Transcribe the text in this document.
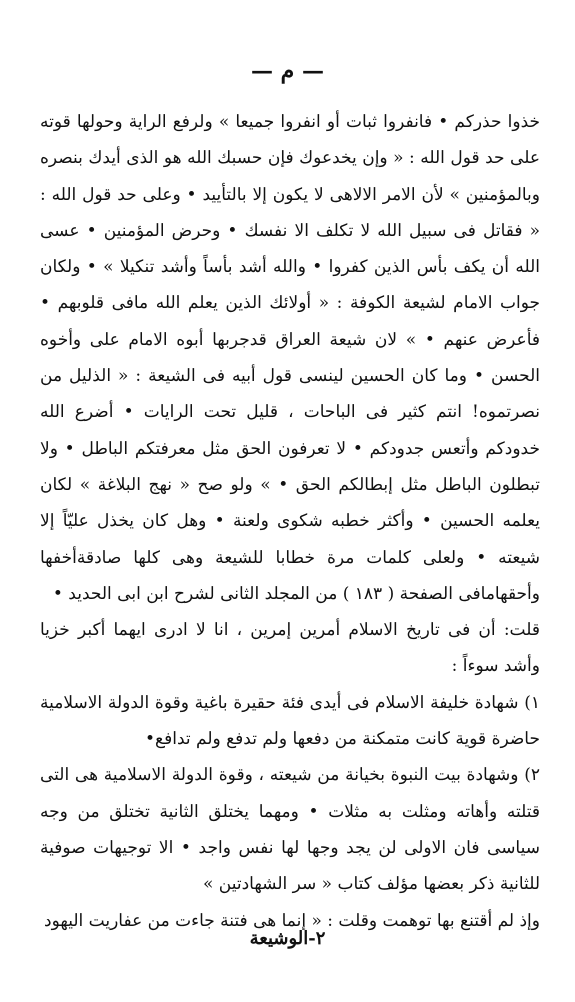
— م —

خذوا حذركم • فانفروا ثبات أو انفروا جميعا » ولرفع الراية وحولها قوته على حد قول الله : « وإن يخدعوك فإن حسبك الله هو الذى أيدك بنصره وبالمؤمنين » لأن الامر الالاهى لا يكون إلا بالتأييد • وعلى حد قول الله : « فقاتل فى سبيل الله لا تكلف الا نفسك • وحرض المؤمنين • عسى الله أن يكف بأس الذين كفروا • والله أشد بأساً وأشد تنكيلا » • ولكان جواب الامام لشيعة الكوفة : « أولائك الذين يعلم الله مافى قلوبهم • فأعرض عنهم • » لان شيعة العراق قدجربها أبوه الامام على وأخوه الحسن • وما كان الحسين لينسى قول أبيه فى الشيعة : « الذليل من نصرتموه! انتم كثير فى الباحات ، قليل تحت الرايات • أضرع الله خدودكم وأتعس جدودكم • لا تعرفون الحق مثل معرفتكم الباطل • ولا تبطلون الباطل مثل إبطالكم الحق • » ولو صح « نهج البلاغة » لكان يعلمه الحسين • وأكثر خطبه شكوى ولعنة • وهل كان يخذل عليّاً إلا شيعته • ولعلى كلمات مرة خطابا للشيعة وهى كلها صادقةأخفها وأحقهامافى الصفحة ( ١٨٣ ) من المجلد الثانى لشرح ابن ابى الحديد •

قلت: أن فى تاريخ الاسلام أمرين إمرين ، انا لا ادرى ايهما أكبر خزيا وأشد سوءاً :

١) شهادة خليفة الاسلام فى أيدى فئة حقيرة باغية وقوة الدولة الاسلامية حاضرة قوية كانت متمكنة من دفعها ولم تدفع ولم تدافع•

٢) وشهادة بيت النبوة بخيانة من شيعته ، وقوة الدولة الاسلامية هى التى قتلته وأهاته ومثلت به مثلات • ومهما يختلق الثانية تختلق من وجه سياسى فان الاولى لن يجد وجها لها نفس واجد • الا توجيهات صوفية للثانية ذكر بعضها مؤلف كتاب « سر الشهادتين »

وإذ لم أقتنع بها توهمت وقلت : « إنما هى فتنة جاءت من عفاريت اليهود

٢-الوشيعة
